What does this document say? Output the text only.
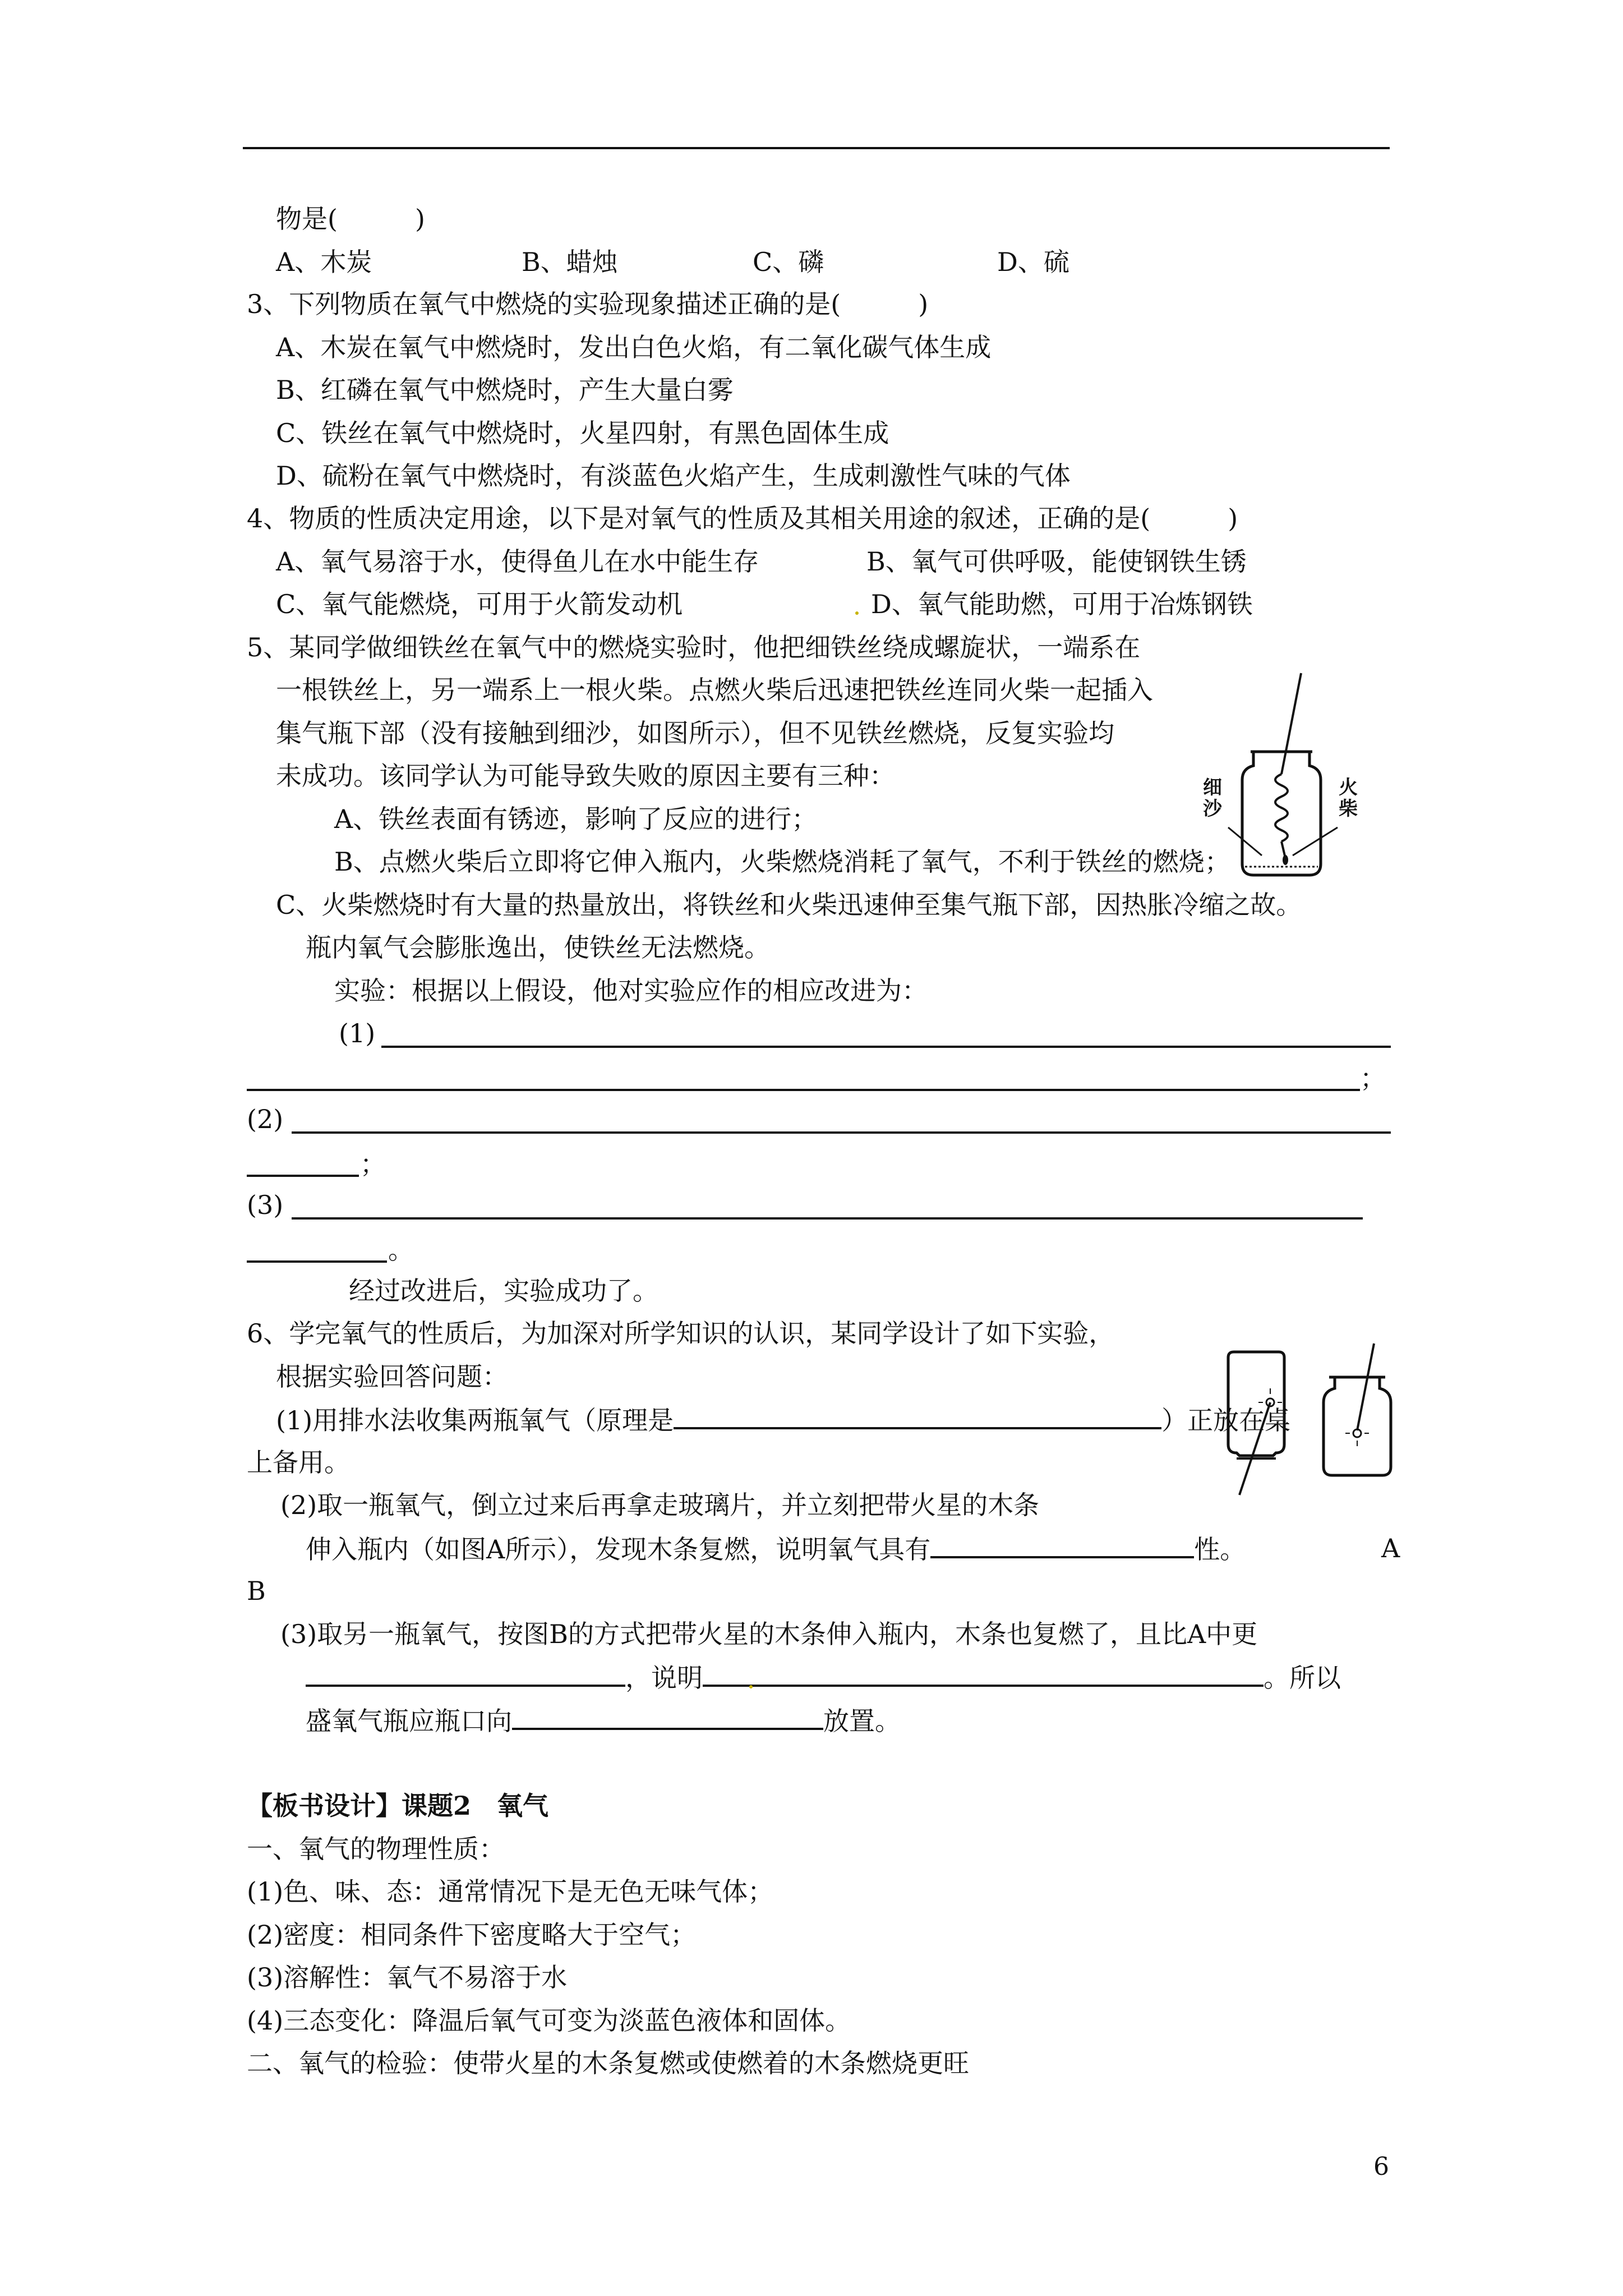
物是(　　　)
A、木炭	B、蜡烛	C、磷	D、硫
3、下列物质在氧气中燃烧的实验现象描述正确的是(　　　)
A、木炭在氧气中燃烧时，发出白色火焰，有二氧化碳气体生成
B、红磷在氧气中燃烧时，产生大量白雾
C、铁丝在氧气中燃烧时，火星四射，有黑色固体生成
D、硫粉在氧气中燃烧时，有淡蓝色火焰产生，生成刺激性气味的气体
4、物质的性质决定用途，以下是对氧气的性质及其相关用途的叙述，正确的是(　　　)
A、氧气易溶于水，使得鱼儿在水中能生存	B、氧气可供呼吸，能使钢铁生锈
C、氧气能燃烧，可用于火箭发动机	D、氧气能助燃，可用于冶炼钢铁
5、某同学做细铁丝在氧气中的燃烧实验时，他把细铁丝绕成螺旋状，一端系在
一根铁丝上，另一端系上一根火柴。点燃火柴后迅速把铁丝连同火柴一起插入
集气瓶下部（没有接触到细沙，如图所示），但不见铁丝燃烧，反复实验均
未成功。该同学认为可能导致失败的原因主要有三种：	细
沙
火
柴
A、铁丝表面有锈迹，影响了反应的进行；
B、点燃火柴后立即将它伸入瓶内，火柴燃烧消耗了氧气，不利于铁丝的燃烧；
C、火柴燃烧时有大量的热量放出，将铁丝和火柴迅速伸至集气瓶下部，因热胀冷缩之故。
瓶内氧气会膨胀逸出，使铁丝无法燃烧。
实验：根据以上假设，他对实验应作的相应改进为：
(1)
；
(2)
；
(3)
。
经过改进后，实验成功了。
6、学完氧气的性质后，为加深对所学知识的认识，某同学设计了如下实验，
根据实验回答问题：
(1)用排水法收集两瓶氧气（原理是	）正放在桌
上备用。
(2)取一瓶氧气，倒立过来后再拿走玻璃片，并立刻把带火星的木条
伸入瓶内（如图A所示），发现木条复燃，说明氧气具有	性。	A
B
(3)取另一瓶氧气，按图B的方式把带火星的木条伸入瓶内，木条也复燃了，且比A中更
，说明	。所以
盛氧气瓶应瓶口向	放置。
【板书设计】课题2　氧气
一、氧气的物理性质：
(1)色、味、态：通常情况下是无色无味气体；
(2)密度：相同条件下密度略大于空气；
(3)溶解性：氧气不易溶于水
(4)三态变化：降温后氧气可变为淡蓝色液体和固体。
二、氧气的检验：使带火星的木条复燃或使燃着的木条燃烧更旺
6
